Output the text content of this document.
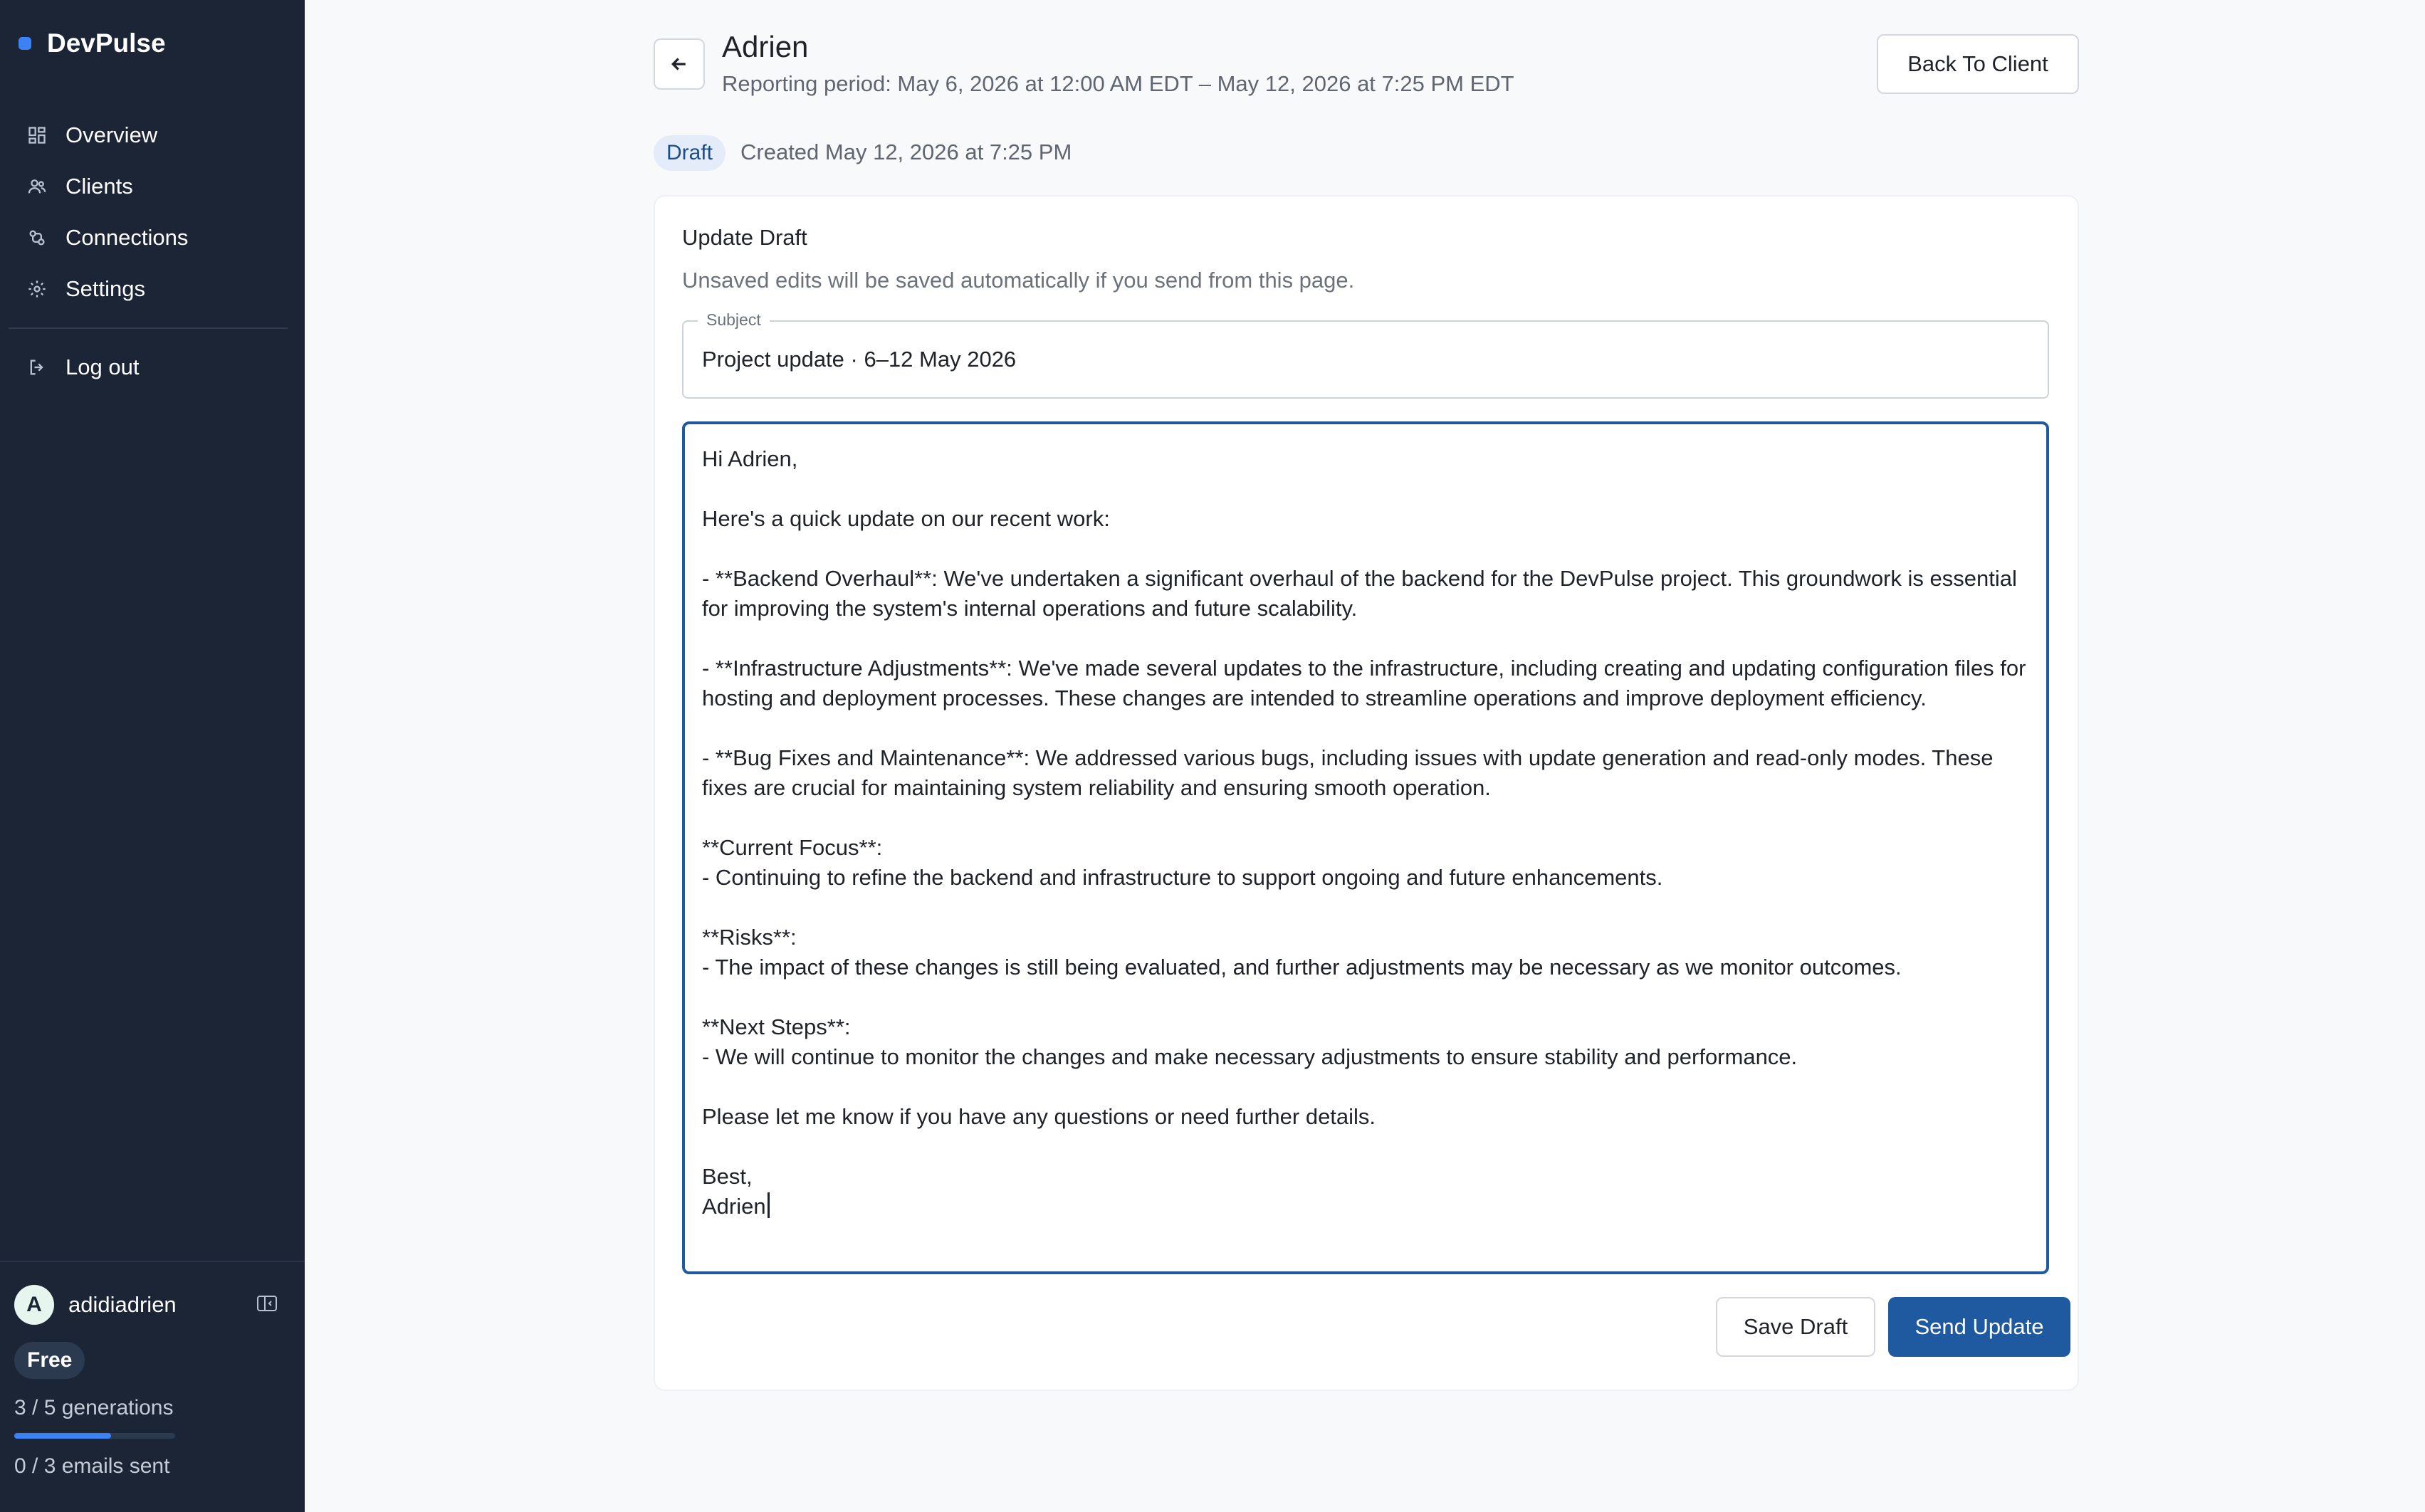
DevPulse
Overview
Clients
Connections
Settings
Log out
A	adidiadrien
Free
3 / 5 generations
0 / 3 emails sent
Adrien
Reporting period: May 6, 2026 at 12:00 AM EDT – May 12, 2026 at 7:25 PM EDT
Back To Client
Draft	Created May 12, 2026 at 7:25 PM
Update Draft
Unsaved edits will be saved automatically if you send from this page.
Subject
Project update · 6–12 May 2026
Hi Adrien,

Here's a quick update on our recent work:

- **Backend Overhaul**: We've undertaken a significant overhaul of the backend for the DevPulse project. This groundwork is essential for improving the system's internal operations and future scalability.

- **Infrastructure Adjustments**: We've made several updates to the infrastructure, including creating and updating configuration files for hosting and deployment processes. These changes are intended to streamline operations and improve deployment efficiency.

- **Bug Fixes and Maintenance**: We addressed various bugs, including issues with update generation and read-only modes. These fixes are crucial for maintaining system reliability and ensuring smooth operation.

**Current Focus**:
- Continuing to refine the backend and infrastructure to support ongoing and future enhancements.

**Risks**:
- The impact of these changes is still being evaluated, and further adjustments may be necessary as we monitor outcomes.

**Next Steps**:
- We will continue to monitor the changes and make necessary adjustments to ensure stability and performance.

Please let me know if you have any questions or need further details.

Best,
Adrien
Save Draft	Send Update
